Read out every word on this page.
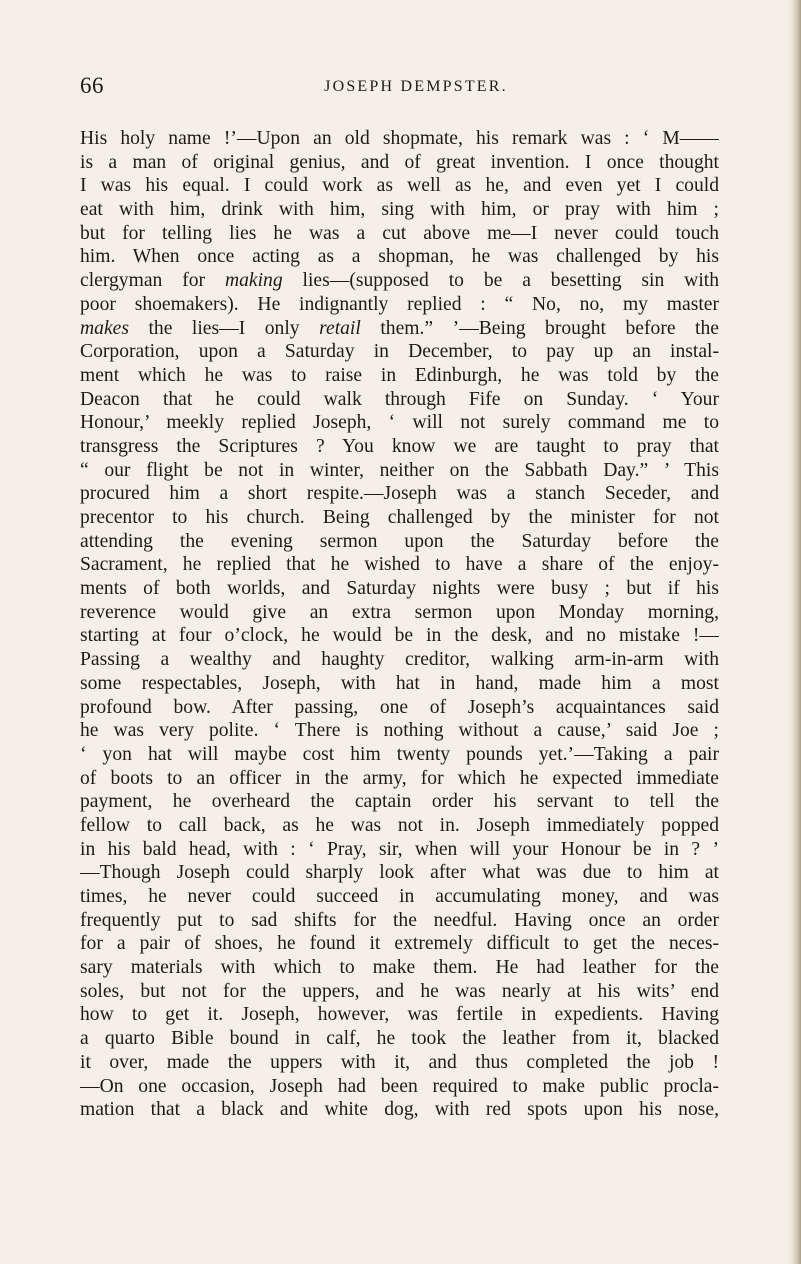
66	JOSEPH DEMPSTER.
His holy name !’—Upon an old shopmate, his remark was : ‘ M——
is a man of original genius, and of great invention. I once thought
I was his equal. I could work as well as he, and even yet I could
eat with him, drink with him, sing with him, or pray with him ;
but for telling lies he was a cut above me—I never could touch
him. When once acting as a shopman, he was challenged by his
clergyman for making lies—(supposed to be a besetting sin with
poor shoemakers). He indignantly replied : “ No, no, my master
makes the lies—I only retail them.” ’—Being brought before the
Corporation, upon a Saturday in December, to pay up an instal-
ment which he was to raise in Edinburgh, he was told by the
Deacon that he could walk through Fife on Sunday. ‘ Your
Honour,’ meekly replied Joseph, ‘ will not surely command me to
transgress the Scriptures ? You know we are taught to pray that
“ our flight be not in winter, neither on the Sabbath Day.” ’ This
procured him a short respite.—Joseph was a stanch Seceder, and
precentor to his church. Being challenged by the minister for not
attending the evening sermon upon the Saturday before the
Sacrament, he replied that he wished to have a share of the enjoy-
ments of both worlds, and Saturday nights were busy ; but if his
reverence would give an extra sermon upon Monday morning,
starting at four o’clock, he would be in the desk, and no mistake !—
Passing a wealthy and haughty creditor, walking arm-in-arm with
some respectables, Joseph, with hat in hand, made him a most
profound bow. After passing, one of Joseph’s acquaintances said
he was very polite. ‘ There is nothing without a cause,’ said Joe ;
‘ yon hat will maybe cost him twenty pounds yet.’—Taking a pair
of boots to an officer in the army, for which he expected immediate
payment, he overheard the captain order his servant to tell the
fellow to call back, as he was not in. Joseph immediately popped
in his bald head, with : ‘ Pray, sir, when will your Honour be in ? ’
—Though Joseph could sharply look after what was due to him at
times, he never could succeed in accumulating money, and was
frequently put to sad shifts for the needful. Having once an order
for a pair of shoes, he found it extremely difficult to get the neces-
sary materials with which to make them. He had leather for the
soles, but not for the uppers, and he was nearly at his wits’ end
how to get it. Joseph, however, was fertile in expedients. Having
a quarto Bible bound in calf, he took the leather from it, blacked
it over, made the uppers with it, and thus completed the job !
—On one occasion, Joseph had been required to make public procla-
mation that a black and white dog, with red spots upon his nose,
